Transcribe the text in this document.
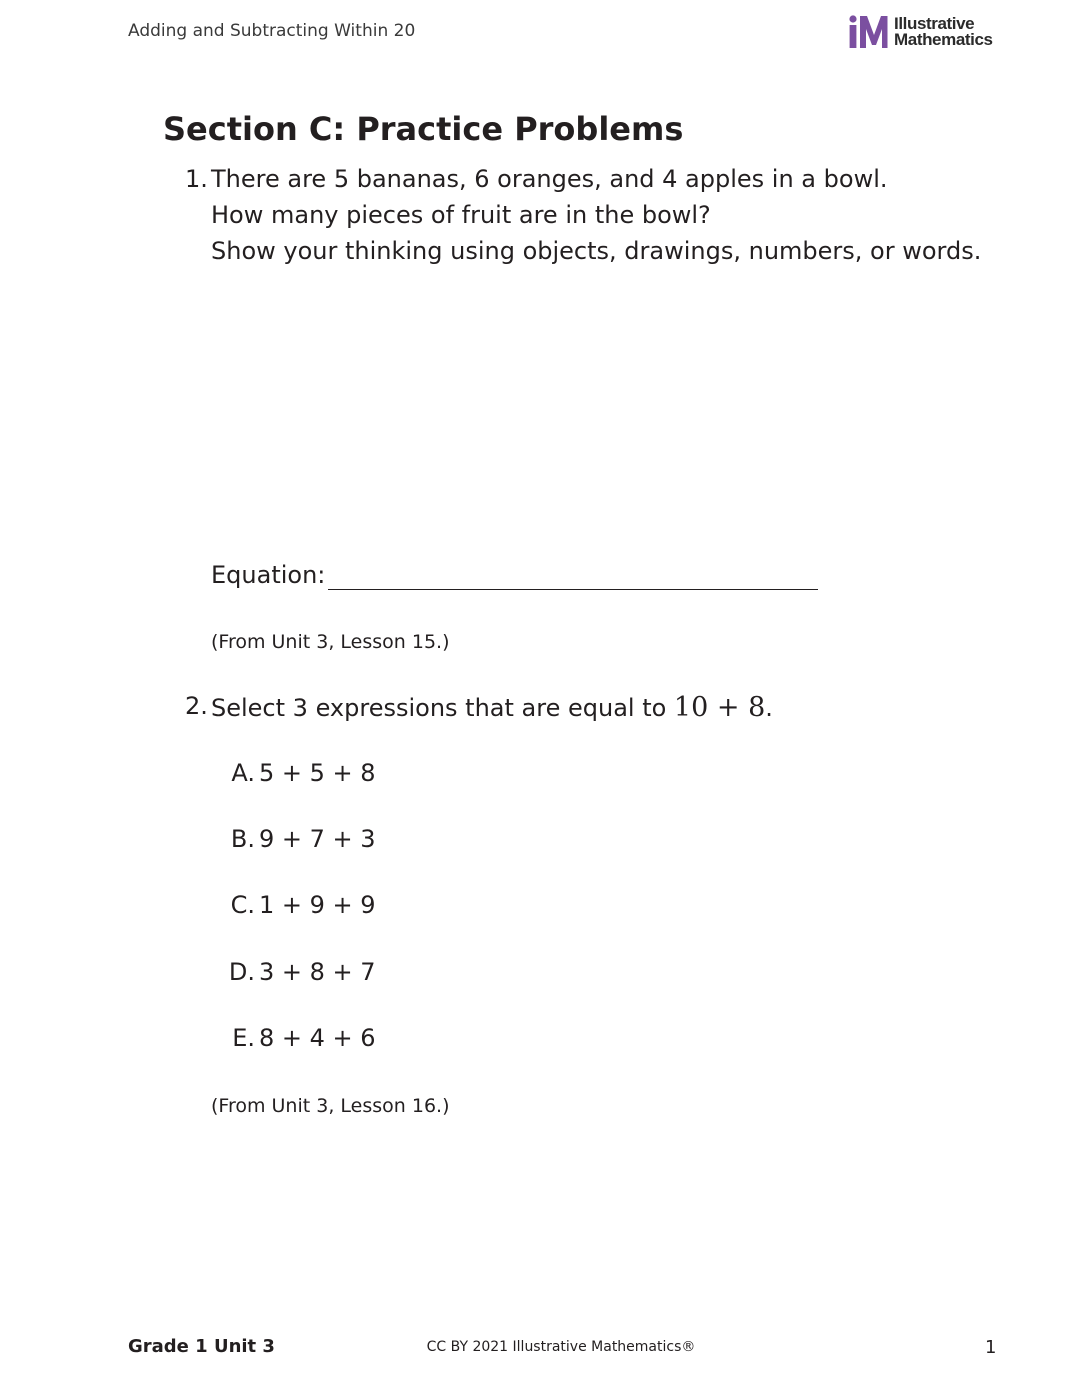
Adding and Subtracting Within 20	Illustrative
Mathematics
Section C: Practice Problems
1. There are 5 bananas, 6 oranges, and 4 apples in a bowl.
How many pieces of fruit are in the bowl?
Show your thinking using objects, drawings, numbers, or words.
Equation:
(From Unit 3, Lesson 15.)
2. Select 3 expressions that are equal to 10 + 8.
A. 5 + 5 + 8
B. 9 + 7 + 3
C. 1 + 9 + 9
D. 3 + 8 + 7
E. 8 + 4 + 6
(From Unit 3, Lesson 16.)
Grade 1 Unit 3	CC BY 2021 Illustrative Mathematics®	1
